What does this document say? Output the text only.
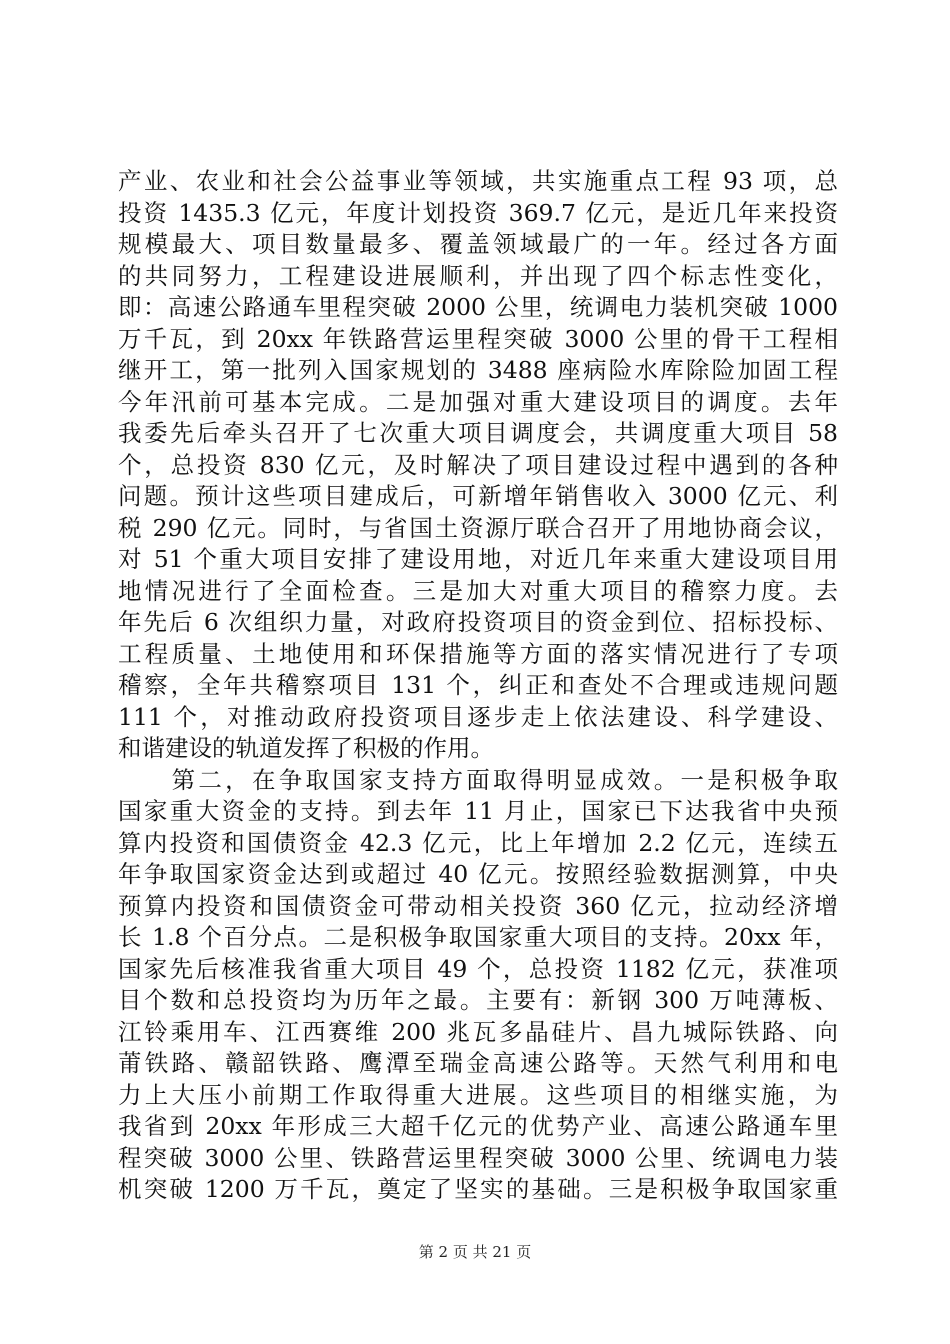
产业、农业和社会公益事业等领域，共实施重点工程 93 项，总
投资 1435.3 亿元，年度计划投资 369.7 亿元，是近几年来投资
规模最大、项目数量最多、覆盖领域最广的一年。经过各方面
的共同努力，工程建设进展顺利，并出现了四个标志性变化，
即：高速公路通车里程突破 2000 公里，统调电力装机突破 1000
万千瓦，到 20xx 年铁路营运里程突破 3000 公里的骨干工程相
继开工，第一批列入国家规划的 3488 座病险水库除险加固工程
今年汛前可基本完成。二是加强对重大建设项目的调度。去年
我委先后牵头召开了七次重大项目调度会，共调度重大项目 58
个，总投资 830 亿元，及时解决了项目建设过程中遇到的各种
问题。预计这些项目建成后，可新增年销售收入 3000 亿元、利
税 290 亿元。同时，与省国土资源厅联合召开了用地协商会议，
对 51 个重大项目安排了建设用地，对近几年来重大建设项目用
地情况进行了全面检查。三是加大对重大项目的稽察力度。去
年先后 6 次组织力量，对政府投资项目的资金到位、招标投标、
工程质量、土地使用和环保措施等方面的落实情况进行了专项
稽察，全年共稽察项目 131 个，纠正和查处不合理或违规问题
111 个，对推动政府投资项目逐步走上依法建设、科学建设、
和谐建设的轨道发挥了积极的作用。
　　第二，在争取国家支持方面取得明显成效。一是积极争取
国家重大资金的支持。到去年 11 月止，国家已下达我省中央预
算内投资和国债资金 42.3 亿元，比上年增加 2.2 亿元，连续五
年争取国家资金达到或超过 40 亿元。按照经验数据测算，中央
预算内投资和国债资金可带动相关投资 360 亿元，拉动经济增
长 1.8 个百分点。二是积极争取国家重大项目的支持。20xx 年，
国家先后核准我省重大项目 49 个，总投资 1182 亿元，获准项
目个数和总投资均为历年之最。主要有：新钢 300 万吨薄板、
江铃乘用车、江西赛维 200 兆瓦多晶硅片、昌九城际铁路、向
莆铁路、赣韶铁路、鹰潭至瑞金高速公路等。天然气利用和电
力上大压小前期工作取得重大进展。这些项目的相继实施，为
我省到 20xx 年形成三大超千亿元的优势产业、高速公路通车里
程突破 3000 公里、铁路营运里程突破 3000 公里、统调电力装
机突破 1200 万千瓦，奠定了坚实的基础。三是积极争取国家重
第 2 页 共 21 页
